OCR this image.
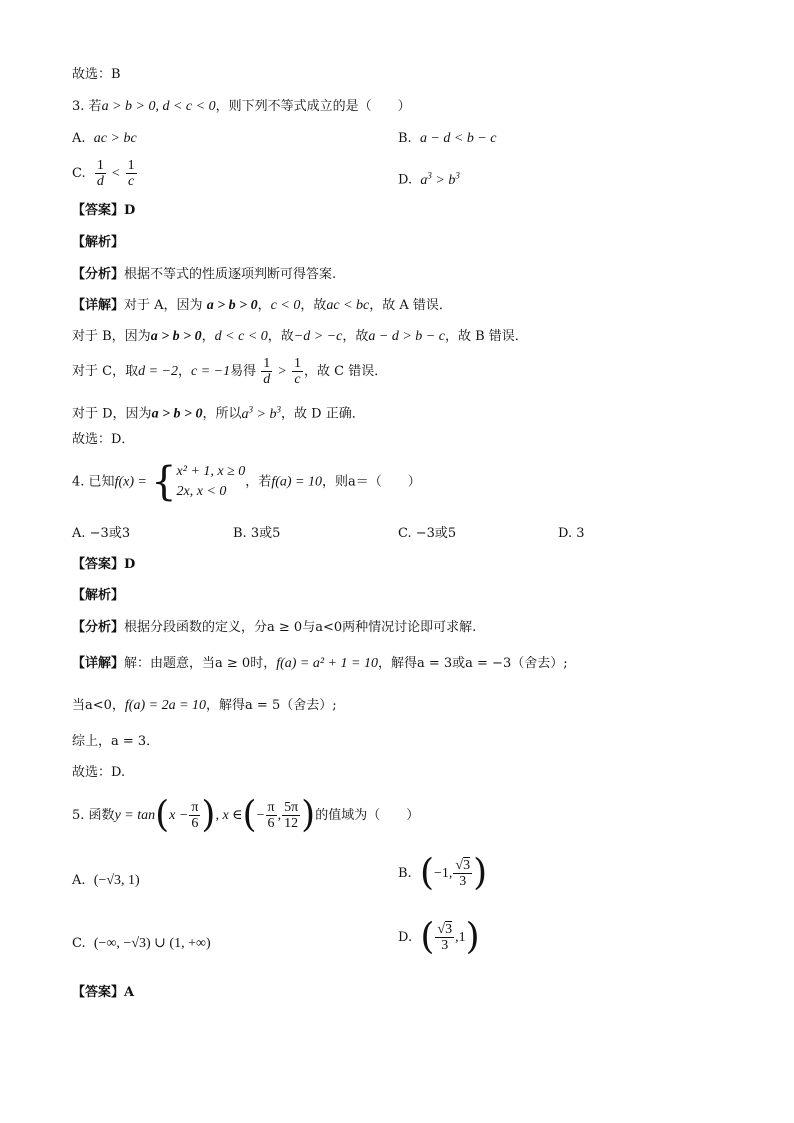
故选：B
3. 若a > b > 0, d < c < 0，则下列不等式成立的是（　　）
A. ac > bc	B. a − d < b − c
C. $\frac{1}{d} < \frac{1}{c}$	D. $a^3 > b^3$
【答案】D
【解析】
【分析】根据不等式的性质逐项判断可得答案.
【详解】对于 A，因为 a > b > 0，c < 0，故ac < bc，故 A 错误．
对于 B，因为a > b > 0，d < c < 0，故−d > −c，故a − d > b − c，故 B 错误．
对于 C，取d = −2，c = −1易得 $\frac{1}{d} > \frac{1}{c}$ ，故 C 错误．
对于 D，因为a > b > 0，所以$a^3 > b^3$，故 D 正确．
故选：D．
4. 已知f(x) = { x² + 1, x ≥ 0
2x, x < 0
，若f(a) = 10，则a＝（　　）
A. −3或3	B. 3或5	C. −3或5	D. 3
【答案】D
【解析】
【分析】根据分段函数的定义，分a ≥ 0与a<0两种情况讨论即可求解.
【详解】解：由题意，当a ≥ 0时，f(a) = a² + 1 = 10，解得a = 3或a = −3（舍去）;
当a<0，f(a) = 2a = 10，解得a = 5（舍去）;
综上，a = 3．
故选：D.
5. 函数$y = \tan(x - \frac{\pi}{6}$ ), x ∈(− $\frac{\pi}{6}$ , $\frac{5\pi}{12}$ )的值域为（　　）
A. (−√3, 1)	B. (−1, $\frac{√3}{3}$ )
C. (−∞, −√3) ∪ (1, +∞)	D. ( $\frac{√3}{3} ,1$)
【答案】A
